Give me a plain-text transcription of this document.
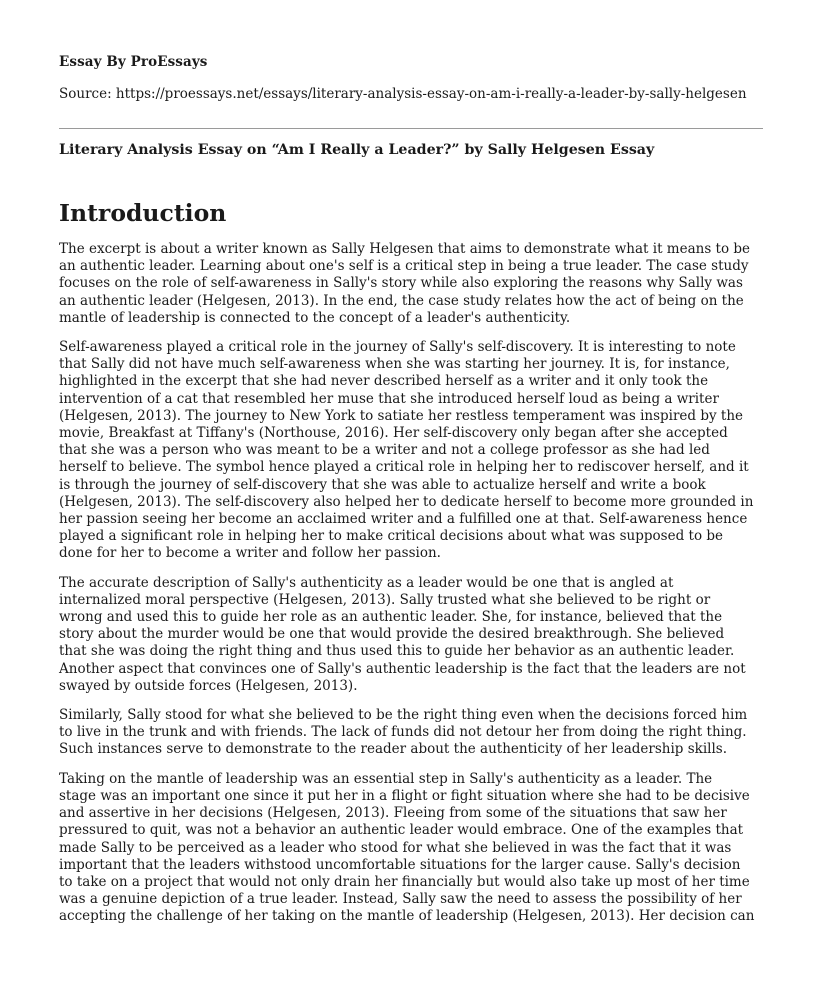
Essay By ProEssays
Source: https://proessays.net/essays/literary-analysis-essay-on-am-i-really-a-leader-by-sally-helgesen
Literary Analysis Essay on “Am I Really a Leader?” by Sally Helgesen Essay
Introduction

The excerpt is about a writer known as Sally Helgesen that aims to demonstrate what it means to be
an authentic leader. Learning about one's self is a critical step in being a true leader. The case study
focuses on the role of self-awareness in Sally's story while also exploring the reasons why Sally was
an authentic leader (Helgesen, 2013). In the end, the case study relates how the act of being on the
mantle of leadership is connected to the concept of a leader's authenticity.

Self-awareness played a critical role in the journey of Sally's self-discovery. It is interesting to note
that Sally did not have much self-awareness when she was starting her journey. It is, for instance,
highlighted in the excerpt that she had never described herself as a writer and it only took the
intervention of a cat that resembled her muse that she introduced herself loud as being a writer
(Helgesen, 2013). The journey to New York to satiate her restless temperament was inspired by the
movie, Breakfast at Tiffany's (Northouse, 2016). Her self-discovery only began after she accepted
that she was a person who was meant to be a writer and not a college professor as she had led
herself to believe. The symbol hence played a critical role in helping her to rediscover herself, and it
is through the journey of self-discovery that she was able to actualize herself and write a book
(Helgesen, 2013). The self-discovery also helped her to dedicate herself to become more grounded in
her passion seeing her become an acclaimed writer and a fulfilled one at that. Self-awareness hence
played a significant role in helping her to make critical decisions about what was supposed to be
done for her to become a writer and follow her passion.

The accurate description of Sally's authenticity as a leader would be one that is angled at
internalized moral perspective (Helgesen, 2013). Sally trusted what she believed to be right or
wrong and used this to guide her role as an authentic leader. She, for instance, believed that the
story about the murder would be one that would provide the desired breakthrough. She believed
that she was doing the right thing and thus used this to guide her behavior as an authentic leader.
Another aspect that convinces one of Sally's authentic leadership is the fact that the leaders are not
swayed by outside forces (Helgesen, 2013).

Similarly, Sally stood for what she believed to be the right thing even when the decisions forced him
to live in the trunk and with friends. The lack of funds did not detour her from doing the right thing.
Such instances serve to demonstrate to the reader about the authenticity of her leadership skills.

Taking on the mantle of leadership was an essential step in Sally's authenticity as a leader. The
stage was an important one since it put her in a flight or fight situation where she had to be decisive
and assertive in her decisions (Helgesen, 2013). Fleeing from some of the situations that saw her
pressured to quit, was not a behavior an authentic leader would embrace. One of the examples that
made Sally to be perceived as a leader who stood for what she believed in was the fact that it was
important that the leaders withstood uncomfortable situations for the larger cause. Sally's decision
to take on a project that would not only drain her financially but would also take up most of her time
was a genuine depiction of a true leader. Instead, Sally saw the need to assess the possibility of her
accepting the challenge of her taking on the mantle of leadership (Helgesen, 2013). Her decision can
